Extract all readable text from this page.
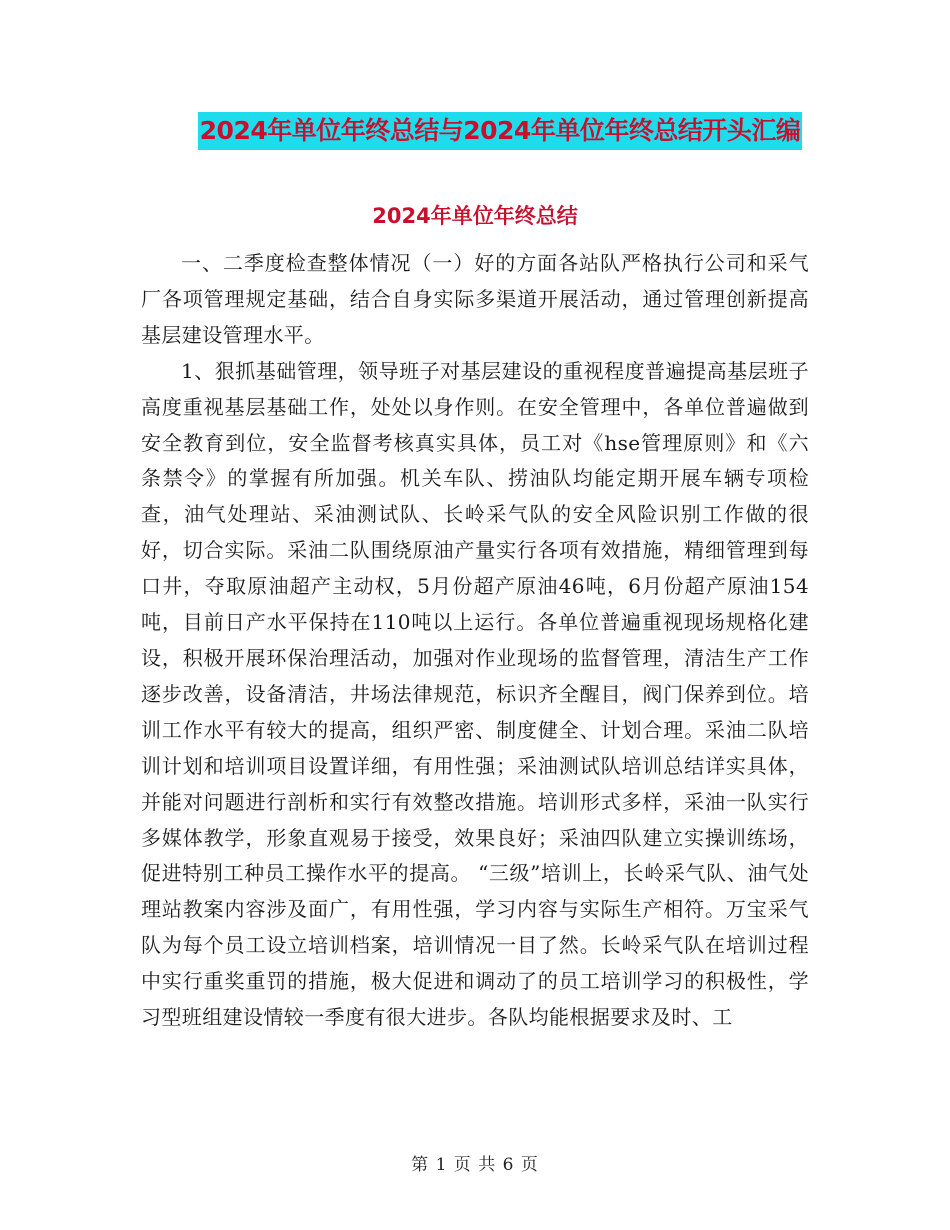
2024年单位年终总结与2024年单位年终总结开头汇编
2024年单位年终总结

一、二季度检查整体情况（一）好的方面各站队严格执行公司和采气厂各项管理规定基础，结合自身实际多渠道开展活动，通过管理创新提高基层建设管理水平。

1、狠抓基础管理，领导班子对基层建设的重视程度普遍提高基层班子高度重视基层基础工作，处处以身作则。在安全管理中，各单位普遍做到安全教育到位，安全监督考核真实具体，员工对《hse管理原则》和《六条禁令》的掌握有所加强。机关车队、捞油队均能定期开展车辆专项检查，油气处理站、采油测试队、长岭采气队的安全风险识别工作做的很好，切合实际。采油二队围绕原油产量实行各项有效措施，精细管理到每口井，夺取原油超产主动权，5月份超产原油46吨，6月份超产原油154吨，目前日产水平保持在110吨以上运行。各单位普遍重视现场规格化建设，积极开展环保治理活动，加强对作业现场的监督管理，清洁生产工作逐步改善，设备清洁，井场法律规范，标识齐全醒目，阀门保养到位。培训工作水平有较大的提高，组织严密、制度健全、计划合理。采油二队培训计划和培训项目设置详细，有用性强；采油测试队培训总结详实具体，并能对问题进行剖析和实行有效整改措施。培训形式多样，采油一队实行多媒体教学，形象直观易于接受，效果良好；采油四队建立实操训练场，促进特别工种员工操作水平的提高。 “三级”培训上，长岭采气队、油气处理站教案内容涉及面广，有用性强，学习内容与实际生产相符。万宝采气队为每个员工设立培训档案，培训情况一目了然。长岭采气队在培训过程中实行重奖重罚的措施，极大促进和调动了的员工培训学习的积极性，学习型班组建设情较一季度有很大进步。各队均能根据要求及时、工

第 1 页 共 6 页
